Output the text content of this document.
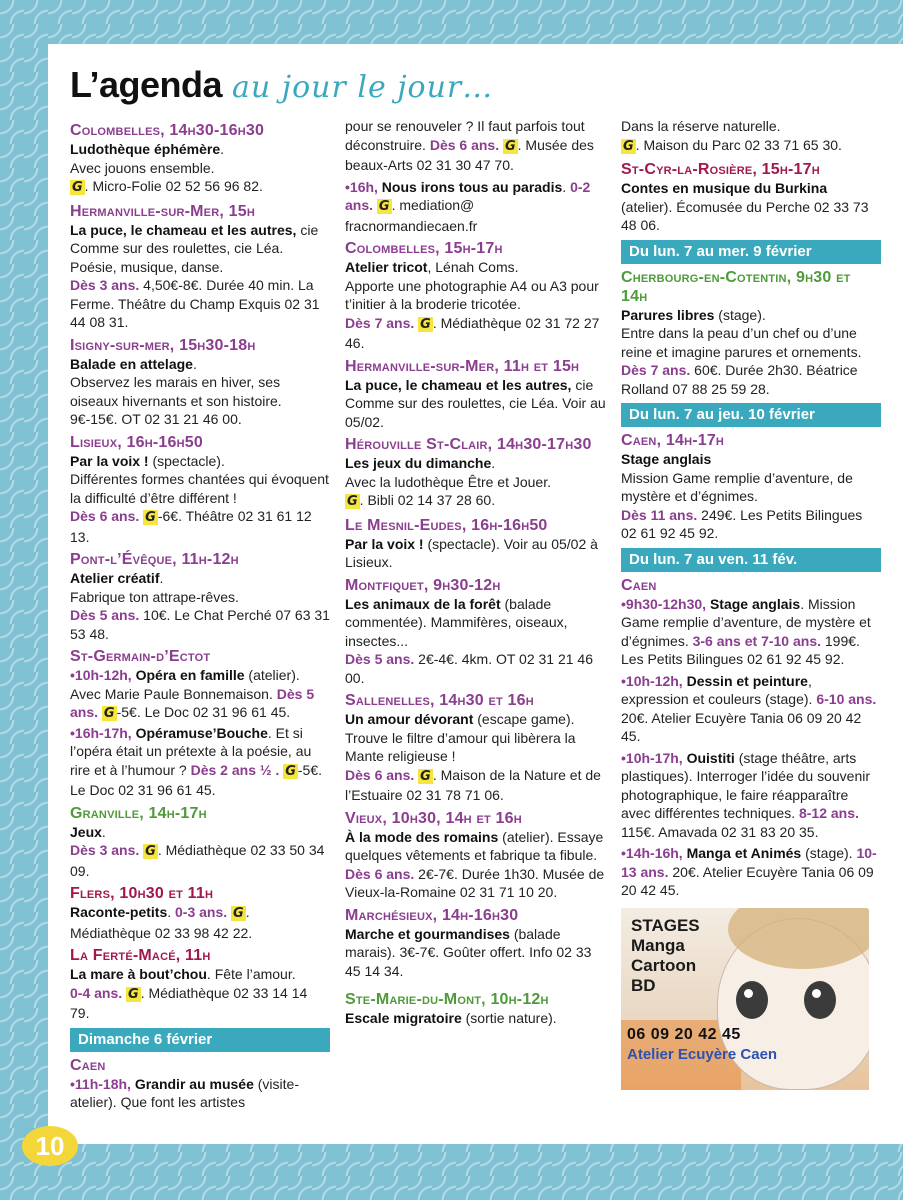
L’agenda au jour le jour…
Colombelles, 14h30-16h30

Ludothèque éphémère.

Avec jouons ensemble.

G . Micro-Folie 02 52 56 96 82.

Hermanville-sur-Mer, 15h

La puce, le chameau et les autres, cie Comme sur des roulettes, cie Léa. Poésie, musique, danse.

Dès 3 ans. 4,50€-8€. Durée 40 min. La Ferme. Théâtre du Champ Exquis 02 31 44 08 31.

Isigny-sur-mer, 15h30-18h

Balade en attelage.

Observez les marais en hiver, ses oiseaux hivernants et son histoire. 9€-15€. OT 02 31 21 46 00.

Lisieux, 16h-16h50

Par la voix ! (spectacle).

Différentes formes chantées qui évoquent la difficulté d’être différent !

Dès 6 ans. G -6€. Théâtre 02 31 61 12 13.

Pont-l’Évêque, 11h-12h

Atelier créatif.

Fabrique ton attrape-rêves.

Dès 5 ans. 10€. Le Chat Perché 07 63 31 53 48.

St-Germain-d’Ectot

•10h-12h, Opéra en famille (atelier). Avec Marie Paule Bonnemaison. Dès 5 ans. G -5€. Le Doc 02 31 96 61 45.

•16h-17h, Opéramuse’Bouche. Et si l’opéra était un prétexte à la poésie, au rire et à l’humour ? Dès 2 ans ½ . G -5€. Le Doc 02 31 96 61 45.

Granville, 14h-17h

Jeux.

Dès 3 ans. G . Médiathèque 02 33 50 34 09.

Flers, 10h30 et 11h

Raconte-petits. 0-3 ans. G .

Médiathèque 02 33 98 42 22.

La Ferté-Macé, 11h

La mare à bout’chou. Fête l’amour.

0-4 ans. G . Médiathèque 02 33 14 14 79.

Dimanche 6 février
Caen

•11h-18h, Grandir au musée (visite- atelier). Que font les artistes

pour se renouveler ? Il faut parfois tout déconstruire. Dès 6 ans. G . Musée des beaux-Arts 02 31 30 47 70.

•16h, Nous irons tous au paradis. 0-2 ans. G . mediation@ fracnormandiecaen.fr

Colombelles, 15h-17h

Atelier tricot, Lénah Coms.

Apporte une photographie A4 ou A3 pour t’initier à la broderie tricotée.

Dès 7 ans. G . Médiathèque 02 31 72 27 46.

Hermanville-sur-Mer, 11h et 15h

La puce, le chameau et les autres, cie Comme sur des roulettes, cie Léa. Voir au 05/02.

Hérouville St-Clair, 14h30-17h30

Les jeux du dimanche.

Avec la ludothèque Être et Jouer.

G . Bibli 02 14 37 28 60.

Le Mesnil-Eudes, 16h-16h50

Par la voix ! (spectacle). Voir au 05/02 à Lisieux.

Montfiquet, 9h30-12h

Les animaux de la forêt (balade commentée). Mammifères, oiseaux, insectes...

Dès 5 ans. 2€-4€. 4km. OT 02 31 21 46 00.

Sallenelles, 14h30 et 16h

Un amour dévorant (escape game). Trouve le filtre d’amour qui libèrera la Mante religieuse !

Dès 6 ans. G . Maison de la Nature et de l’Estuaire 02 31 78 71 06.

Vieux, 10h30, 14h et 16h

À la mode des romains (atelier). Essaye quelques vêtements et fabrique ta fibule.

Dès 6 ans. 2€-7€. Durée 1h30. Musée de Vieux-la-Romaine 02 31 71 10 20.

Marchésieux, 14h-16h30

Marche et gourmandises (balade marais). 3€-7€. Goûter offert. Info 02 33 45 14 34.

Ste-Marie-du-Mont, 10h-12h

Escale migratoire (sortie nature).

Dans la réserve naturelle.

G . Maison du Parc 02 33 71 65 30.

St-Cyr-la-Rosière, 15h-17h

Contes en musique du Burkina

(atelier). Écomusée du Perche 02 33 73 48 06.

Du lun. 7 au mer. 9 février
Cherbourg-en-Cotentin, 9h30 et 14h

Parures libres (stage).

Entre dans la peau d’un chef ou d’une reine et imagine parures et ornements.

Dès 7 ans. 60€. Durée 2h30. Béatrice Rolland 07 88 25 59 28.

Du lun. 7 au jeu. 10 février
Caen, 14h-17h

Stage anglais

Mission Game remplie d’aventure, de mystère et d’égnimes.

Dès 11 ans. 249€. Les Petits Bilingues 02 61 92 45 92.

Du lun. 7 au ven. 11 fév.
Caen

•9h30-12h30, Stage anglais. Mission Game remplie d’aventure, de mystère et d’égnimes. 3-6 ans et 7-10 ans. 199€. Les Petits Bilingues 02 61 92 45 92.

•10h-12h, Dessin et peinture, expression et couleurs (stage). 6-10 ans. 20€. Atelier Ecuyère Tania 06 09 20 42 45.

•10h-17h, Ouistiti (stage théâtre, arts plastiques). Interroger l’idée du souvenir photographique, le faire réapparaître avec différentes techniques. 8-12 ans. 115€. Amavada 02 31 83 20 35.

•14h-16h, Manga et Animés (stage). 10-13 ans. 20€. Atelier Ecuyère Tania 06 09 20 42 45.

STAGES
Manga
Cartoon
BD
06 09 20 42 45
Atelier Ecuyère Caen
10
